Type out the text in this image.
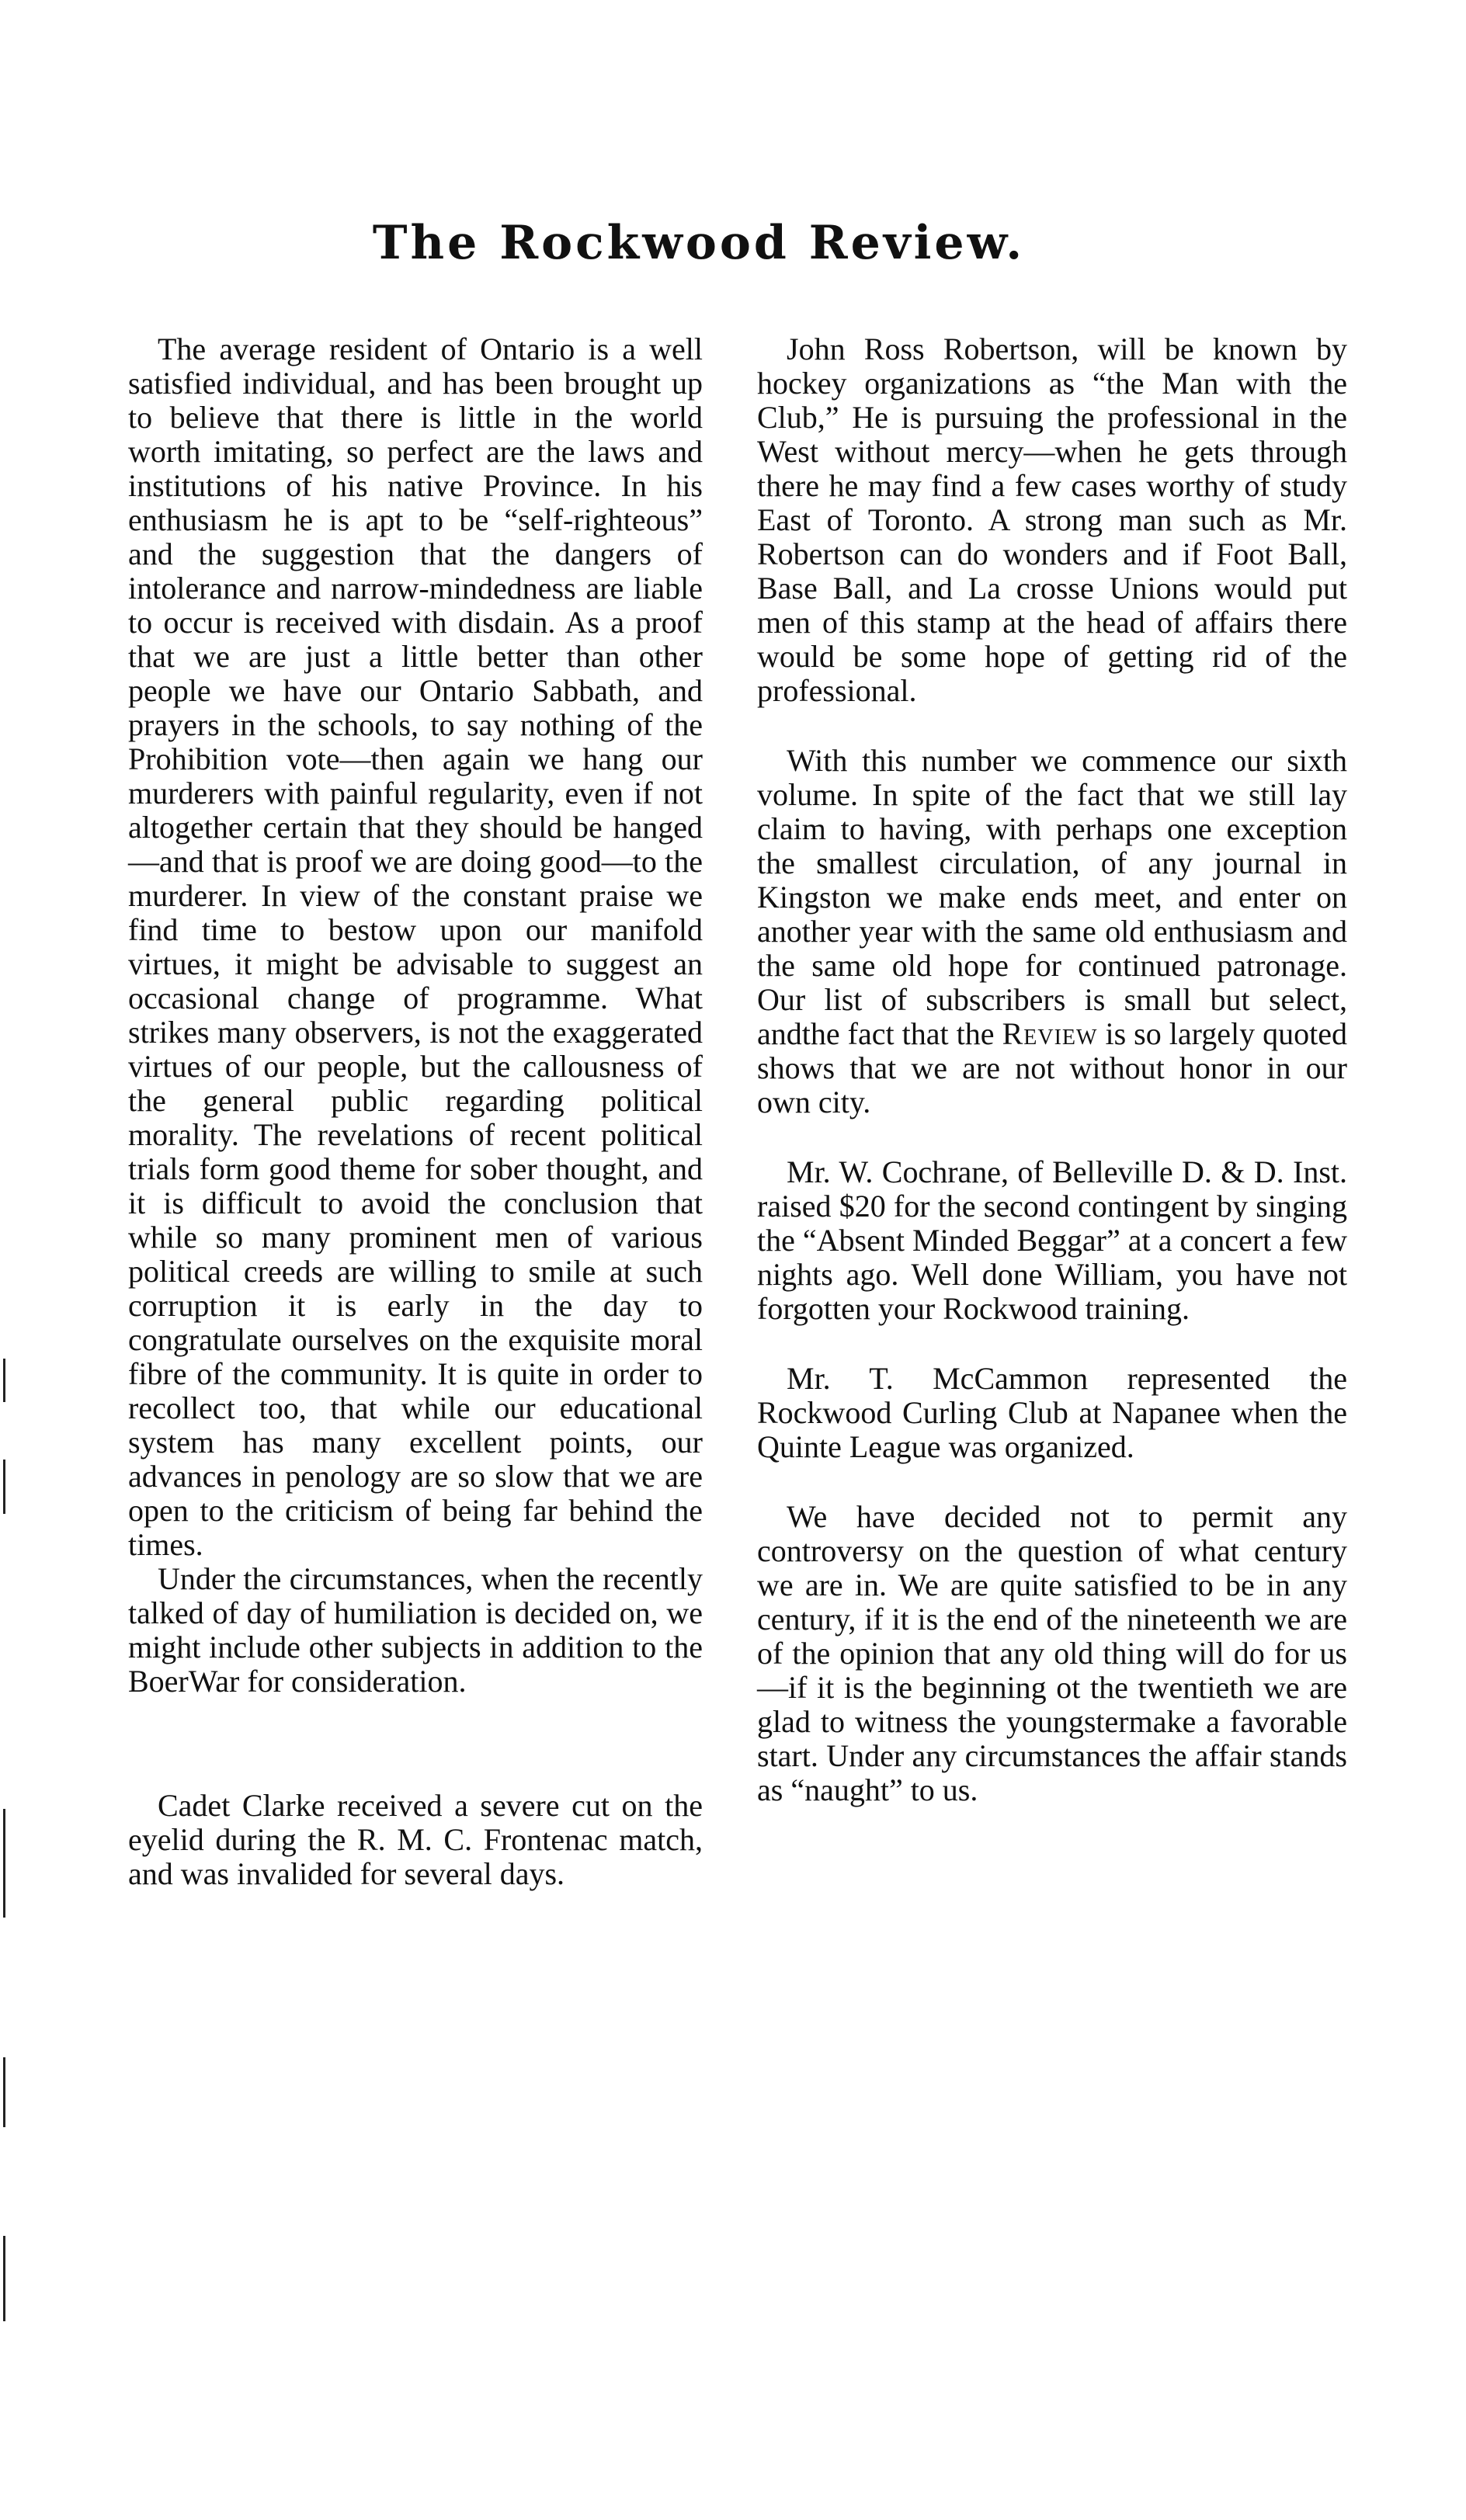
The Rockwood Review.

The average resident of Ontario is a well satisfied individual, and has been brought up to believe that there is little in the world worth imitating, so perfect are the laws and institutions of his native Province. In his enthusiasm he is apt to be “self-righteous” and the suggestion that the dangers of intolerance and narrow-mindedness are liable to occur is received with disdain. As a proof that we are just a little better than other people we have our Ontario Sabbath, and prayers in the schools, to say nothing of the Prohibition vote—then again we hang our murderers with painful regularity, even if not altogether certain that they should be hanged—and that is proof we are doing good—to the murderer. In view of the constant praise we find time to bestow upon our manifold virtues, it might be advisable to suggest an occasional change of programme. What strikes many observers, is not the exaggerated virtues of our people, but the callousness of the general public regarding political morality. The revelations of recent political trials form good theme for sober thought, and it is difficult to avoid the conclusion that while so many prominent men of various political creeds are willing to smile at such corruption it is early in the day to congratulate ourselves on the exquisite moral fibre of the community. It is quite in order to recollect too, that while our educational system has many excellent points, our advances in penology are so slow that we are open to the criticism of being far behind the times.

Under the circumstances, when the recently talked of day of humiliation is decided on, we might include other subjects in addition to the BoerWar for consideration.

Cadet Clarke received a severe cut on the eyelid during the R. M. C. Frontenac match, and was invalided for several days.

John Ross Robertson, will be known by hockey organizations as “the Man with the Club,” He is pursuing the professional in the West without mercy—when he gets through there he may find a few cases worthy of study East of Toronto. A strong man such as Mr. Robertson can do wonders and if Foot Ball, Base Ball, and La crosse Unions would put men of this stamp at the head of affairs there would be some hope of getting rid of the professional.

With this number we commence our sixth volume. In spite of the fact that we still lay claim to having, with perhaps one exception the smallest circulation, of any journal in Kingston we make ends meet, and enter on another year with the same old enthusiasm and the same old hope for continued patronage. Our list of subscribers is small but select, andthe fact that the Review is so largely quoted shows that we are not without honor in our own city.

Mr. W. Cochrane, of Belleville D. & D. Inst. raised $20 for the second contingent by singing the “Absent Minded Beggar” at a concert a few nights ago. Well done William, you have not forgotten your Rockwood training.

Mr. T. McCammon represented the Rockwood Curling Club at Napanee when the Quinte League was organized.

We have decided not to permit any controversy on the question of what century we are in. We are quite satisfied to be in any century, if it is the end of the nineteenth we are of the opinion that any old thing will do for us—if it is the beginning ot the twentieth we are glad to witness the youngstermake a favorable start. Under any circumstances the affair stands as “naught” to us.
